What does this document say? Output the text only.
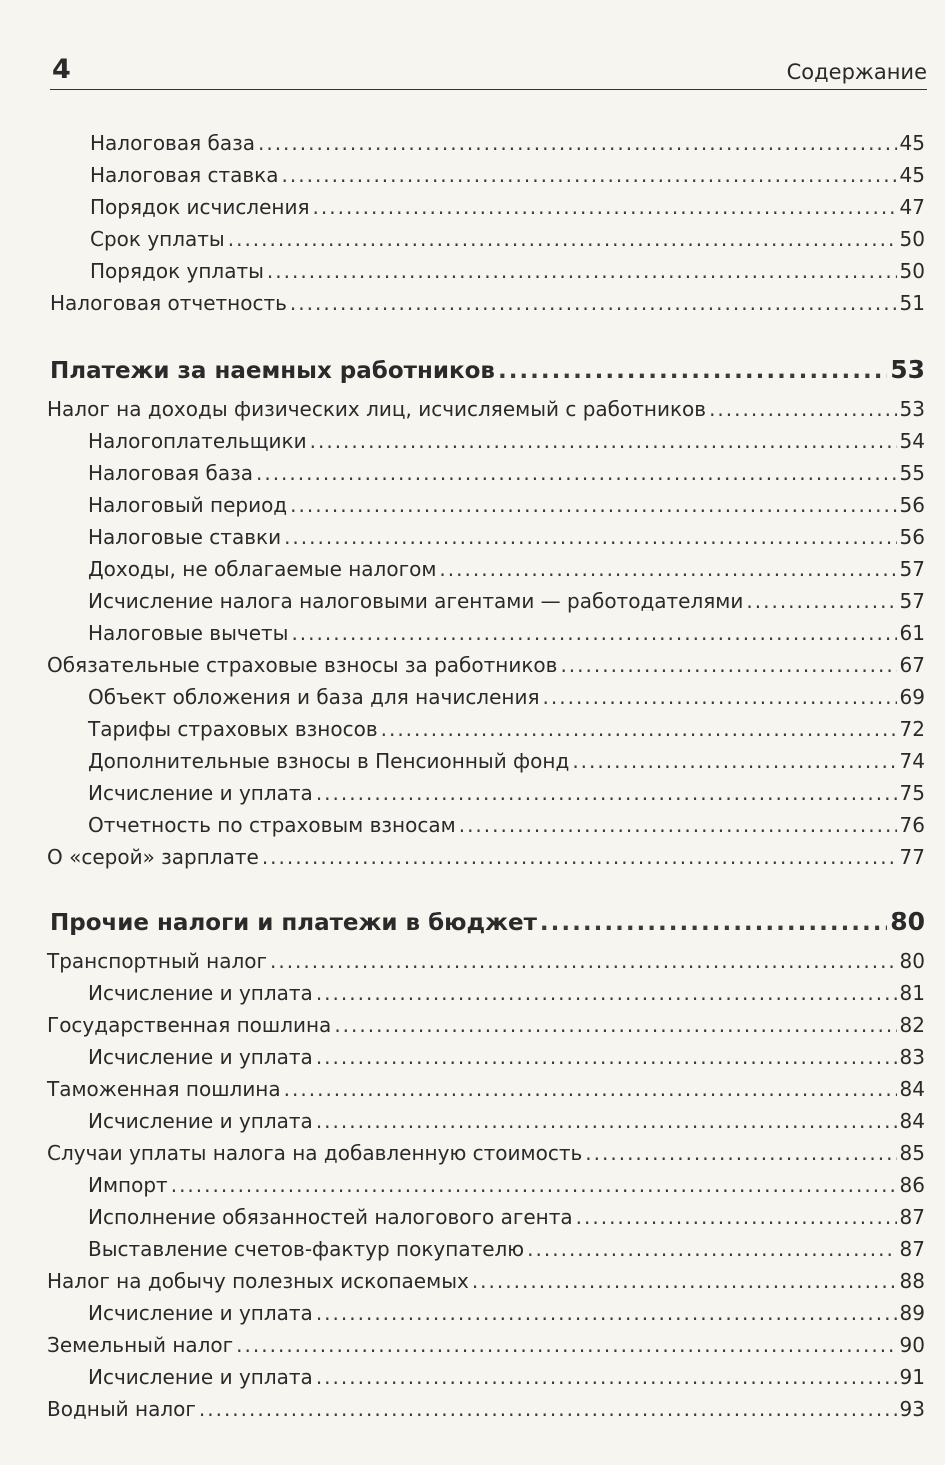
4	Содержание
Налоговая база .....	45
Налоговая ставка .....	45
Порядок исчисления .....	47
Срок уплаты .....	50
Порядок уплаты .....	50
Налоговая отчетность .....	51
Платежи за наемных работников .....	53
Налог на доходы физических лиц, исчисляемый с работников .....	53
Налогоплательщики .....	54
Налоговая база .....	55
Налоговый период .....	56
Налоговые ставки .....	56
Доходы, не облагаемые налогом .....	57
Исчисление налога налоговыми агентами — работодателями .....	57
Налоговые вычеты .....	61
Обязательные страховые взносы за работников .....	67
Объект обложения и база для начисления .....	69
Тарифы страховых взносов .....	72
Дополнительные взносы в Пенсионный фонд .....	74
Исчисление и уплата .....	75
Отчетность по страховым взносам .....	76
О «серой» зарплате .....	77
Прочие налоги и платежи в бюджет .....	80
Транспортный налог .....	80
Исчисление и уплата .....	81
Государственная пошлина .....	82
Исчисление и уплата .....	83
Таможенная пошлина .....	84
Исчисление и уплата .....	84
Случаи уплаты налога на добавленную стоимость .....	85
Импорт .....	86
Исполнение обязанностей налогового агента .....	87
Выставление счетов-фактур покупателю .....	87
Налог на добычу полезных ископаемых .....	88
Исчисление и уплата .....	89
Земельный налог .....	90
Исчисление и уплата .....	91
Водный налог .....	93
